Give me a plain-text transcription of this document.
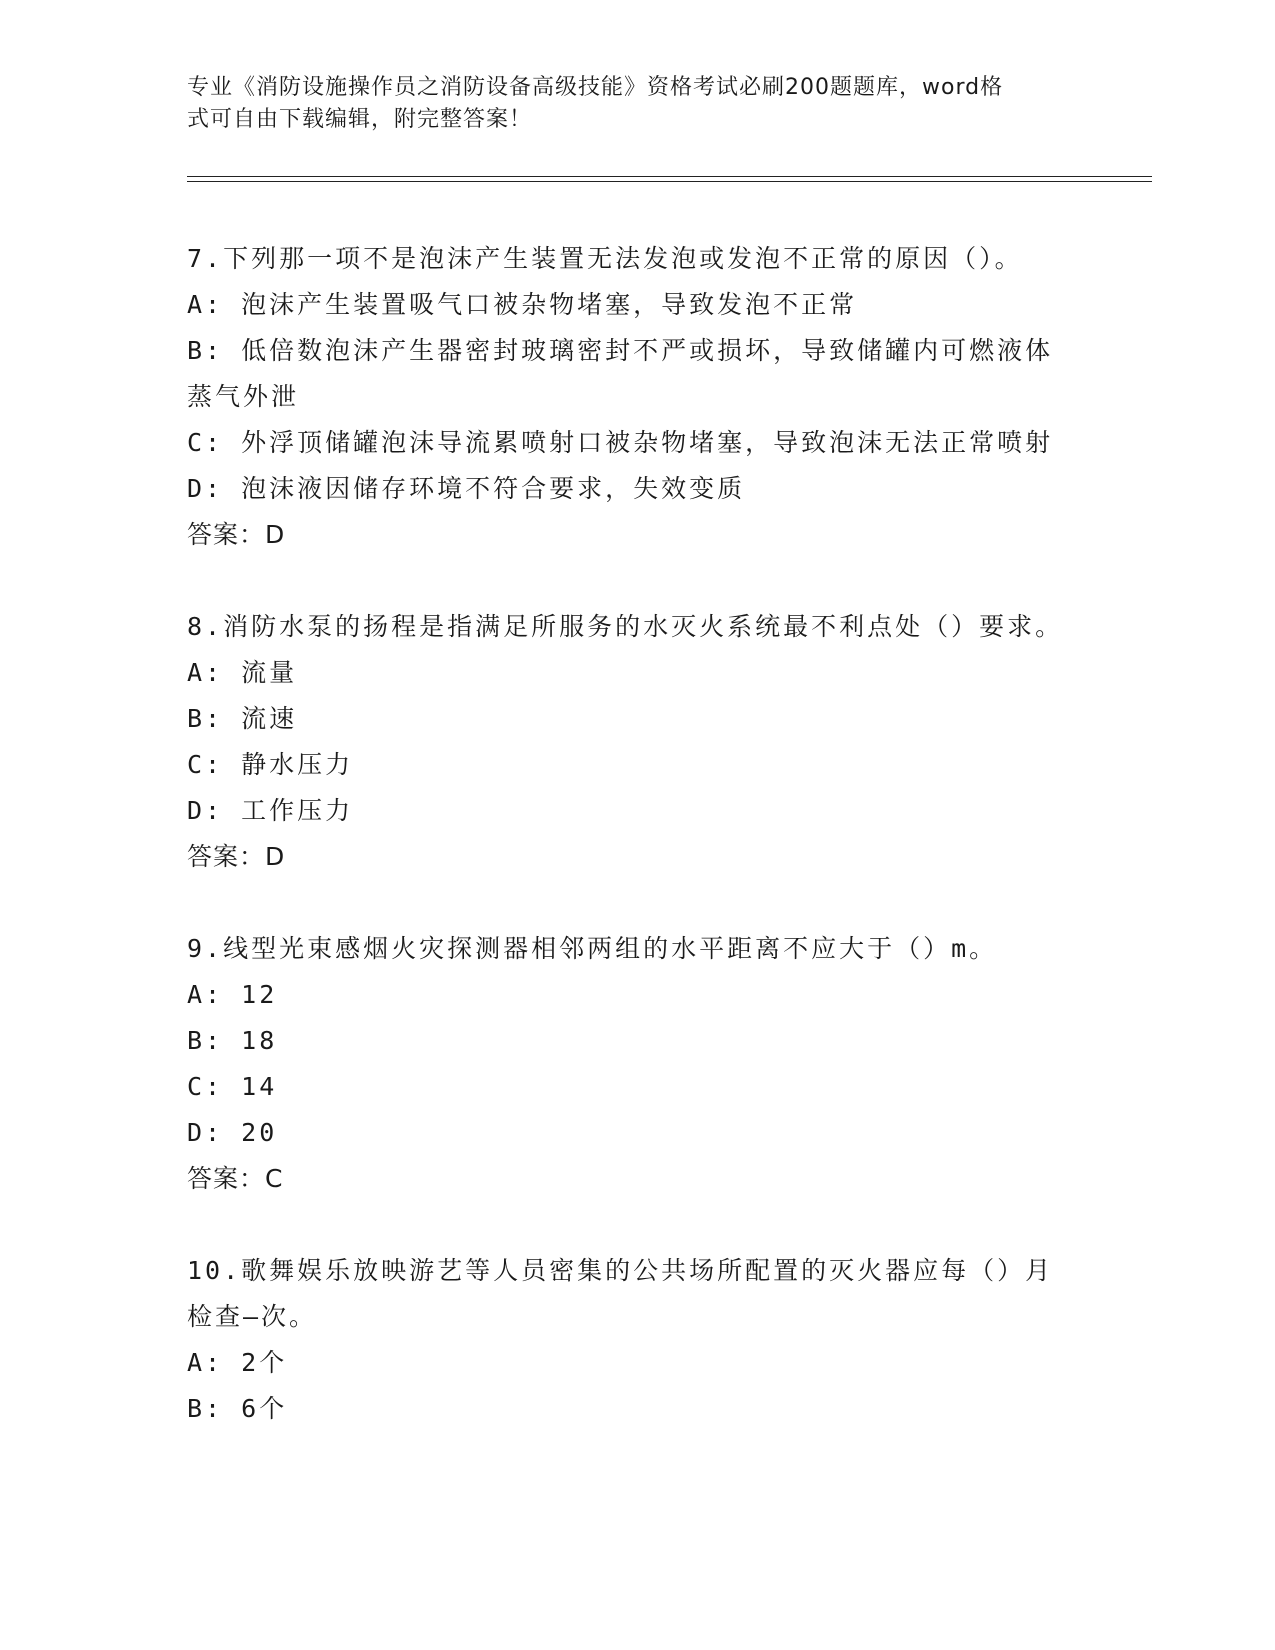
专业《消防设施操作员之消防设备高级技能》资格考试必刷200题题库，word格
式可自由下载编辑，附完整答案！
7.下列那一项不是泡沫产生装置无法发泡或发泡不正常的原因（）。
A: 泡沫产生装置吸气口被杂物堵塞，导致发泡不正常
B: 低倍数泡沫产生器密封玻璃密封不严或损坏，导致储罐内可燃液体蒸气外泄
C: 外浮顶储罐泡沫导流累喷射口被杂物堵塞，导致泡沫无法正常喷射
D: 泡沫液因储存环境不符合要求，失效变质
答案：D
8.消防水泵的扬程是指满足所服务的水灭火系统最不利点处（）要求。
A: 流量
B: 流速
C: 静水压力
D: 工作压力
答案：D
9.线型光束感烟火灾探测器相邻两组的水平距离不应大于（）m。
A: 12
B: 18
C: 14
D: 20
答案：C
10.歌舞娱乐放映游艺等人员密集的公共场所配置的灭火器应每（）月检查—次。
A: 2个
B: 6个
